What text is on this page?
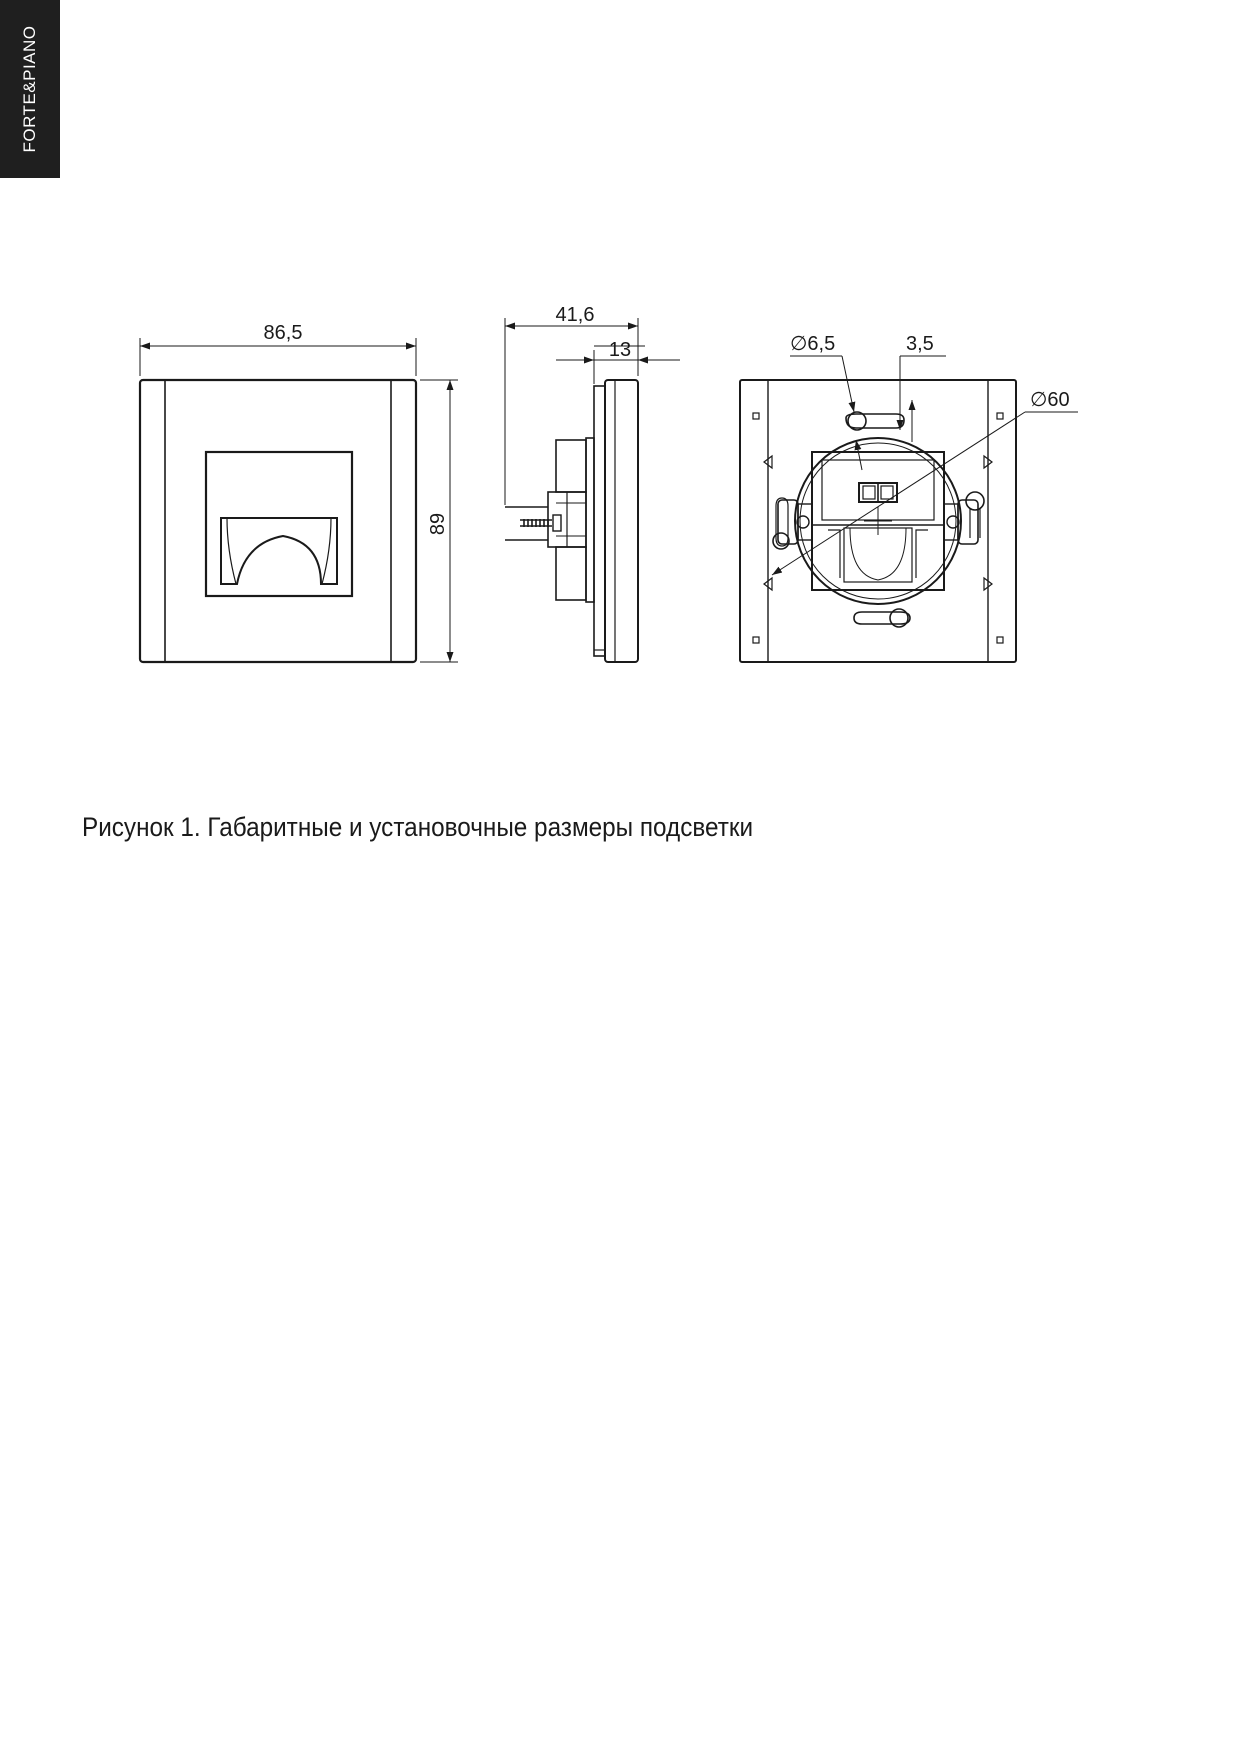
FORTE&PIANO
86,5
89
41,6
13	∅6,5	3,5
∅60
Рисунок 1. Габаритные и установочные размеры подсветки
